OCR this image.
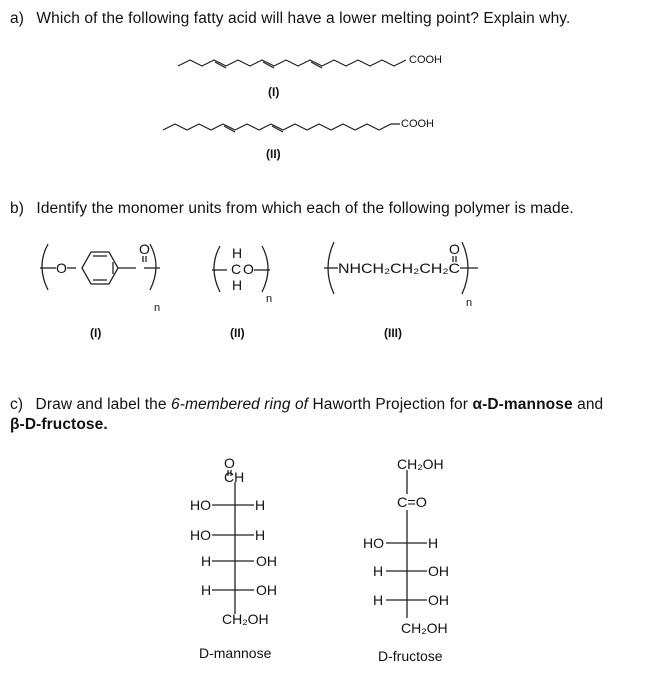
a) Which of the following fatty acid will have a lower melting point? Explain why.
b) Identify the monomer units from which each of the following polymer is made.
c) Draw and label the 6-membered ring of Haworth Projection for α-D-mannose and
β-D-fructose.
COOH
(I)
COOH
(II)
O
O
n
(I)
H
C O
H
n
(II)
NHCH₂CH₂CH₂C
O
n
(III)
O
CH
HO	H
HO	H
H	OH
H	OH
CH₂OH
D-mannose
CH₂OH
C=O
HO	H
H	OH
H	OH
CH₂OH
D-fructose
